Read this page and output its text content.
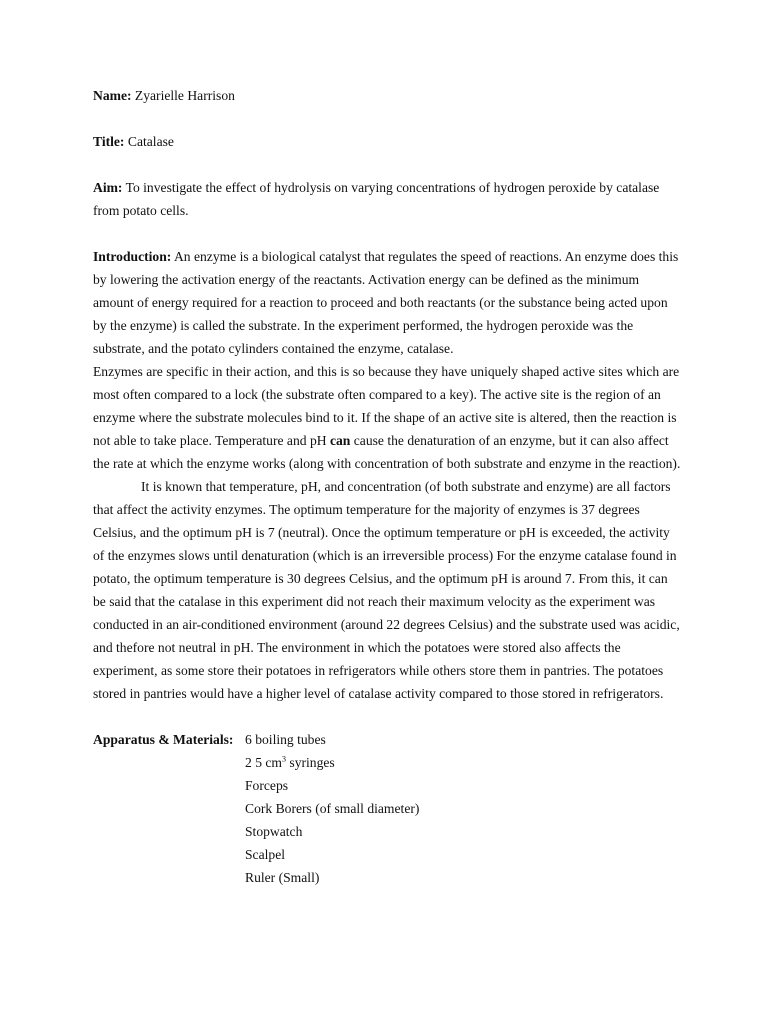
Name: Zyarielle Harrison
Title: Catalase
Aim: To investigate the effect of hydrolysis on varying concentrations of hydrogen peroxide by catalase from potato cells.

Introduction: An enzyme is a biological catalyst that regulates the speed of reactions. An enzyme does this by lowering the activation energy of the reactants. Activation energy can be defined as the minimum amount of energy required for a reaction to proceed and both reactants (or the substance being acted upon by the enzyme) is called the substrate. In the experiment performed, the hydrogen peroxide was the substrate, and the potato cylinders contained the enzyme, catalase.

Enzymes are specific in their action, and this is so because they have uniquely shaped active sites which are most often compared to a lock (the substrate often compared to a key). The active site is the region of an enzyme where the substrate molecules bind to it. If the shape of an active site is altered, then the reaction is not able to take place. Temperature and pH can cause the denaturation of an enzyme, but it can also affect the rate at which the enzyme works (along with concentration of both substrate and enzyme in the reaction).

It is known that temperature, pH, and concentration (of both substrate and enzyme) are all factors that affect the activity enzymes. The optimum temperature for the majority of enzymes is 37 degrees Celsius, and the optimum pH is 7 (neutral). Once the optimum temperature or pH is exceeded, the activity of the enzymes slows until denaturation (which is an irreversible process) For the enzyme catalase found in potato, the optimum temperature is 30 degrees Celsius, and the optimum pH is around 7. From this, it can be said that the catalase in this experiment did not reach their maximum velocity as the experiment was conducted in an air-conditioned environment (around 22 degrees Celsius) and the substrate used was acidic, and thefore not neutral in pH. The environment in which the potatoes were stored also affects the experiment, as some store their potatoes in refrigerators while others store them in pantries. The potatoes stored in pantries would have a higher level of catalase activity compared to those stored in refrigerators.

Apparatus & Materials: 6 boiling tubes
2 5 $cm^3$ syringes
Forceps
Cork Borers (of small diameter)
Stopwatch
Scalpel
Ruler (Small)
